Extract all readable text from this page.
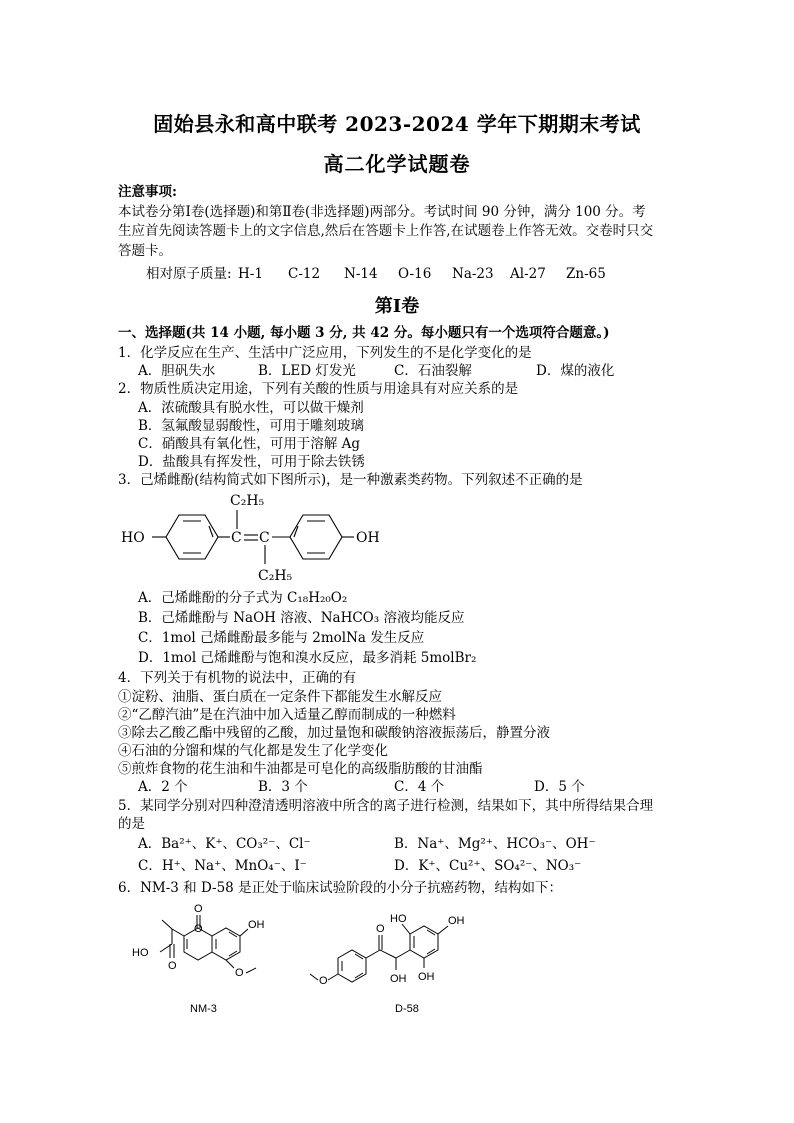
固始县永和高中联考 2023-2024 学年下期期末考试
高二化学试题卷
注意事项:
本试卷分第Ⅰ卷(选择题)和第Ⅱ卷(非选择题)两部分。考试时间 90 分钟，满分 100 分。考
生应首先阅读答题卡上的文字信息,然后在答题卡上作答,在试题卷上作答无效。交卷时只交
答题卡。
相对原子质量: H-1 C-12 N-14 O-16 Na-23 Al-27 Zn-65
第Ⅰ卷
一、选择题(共 14 小题, 每小题 3 分, 共 42 分。每小题只有一个选项符合题意。)
1．化学反应在生产、生活中广泛应用，下列发生的不是化学变化的是
A．胆矾失水	B．LED 灯发光	C．石油裂解	D．煤的液化
2．物质性质决定用途，下列有关酸的性质与用途具有对应关系的是
A．浓硫酸具有脱水性，可以做干燥剂
B．氢氟酸显弱酸性，可用于雕刻玻璃
C．硝酸具有氧化性，可用于溶解 Ag
D．盐酸具有挥发性，可用于除去铁锈
3．己烯雌酚(结构简式如下图所示)，是一种激素类药物。下列叙述不正确的是
HO	OH
C C
C₂H₅
C₂H₅
A．己烯雌酚的分子式为 C₁₈H₂₀O₂
B．己烯雌酚与 NaOH 溶液、NaHCO₃ 溶液均能反应
C．1mol 己烯雌酚最多能与 2molNa 发生反应
D．1mol 己烯雌酚与饱和溴水反应，最多消耗 5molBr₂
4．下列关于有机物的说法中，正确的有
①淀粉、油脂、蛋白质在一定条件下都能发生水解反应
②“乙醇汽油”是在汽油中加入适量乙醇而制成的一种燃料
③除去乙酸乙酯中残留的乙酸，加过量饱和碳酸钠溶液振荡后，静置分液
④石油的分馏和煤的气化都是发生了化学变化
⑤煎炸食物的花生油和牛油都是可皂化的高级脂肪酸的甘油酯
A．2 个	B．3 个	C．4 个	D．5 个
5．某同学分别对四种澄清透明溶液中所含的离子进行检测，结果如下，其中所得结果合理
的是
A．Ba²⁺、K⁺、CO₃²⁻、Cl⁻	B．Na⁺、Mg²⁺、HCO₃⁻、OH⁻
C．H⁺、Na⁺、MnO₄⁻、I⁻	D．K⁺、Cu²⁺、SO₄²⁻、NO₃⁻
6．NM-3 和 D-58 是正处于临床试验阶段的小分子抗癌药物，结构如下：
O
O	OH
HO
O
O
NM-3
HO	OH
O
OH OH
O
D-58
